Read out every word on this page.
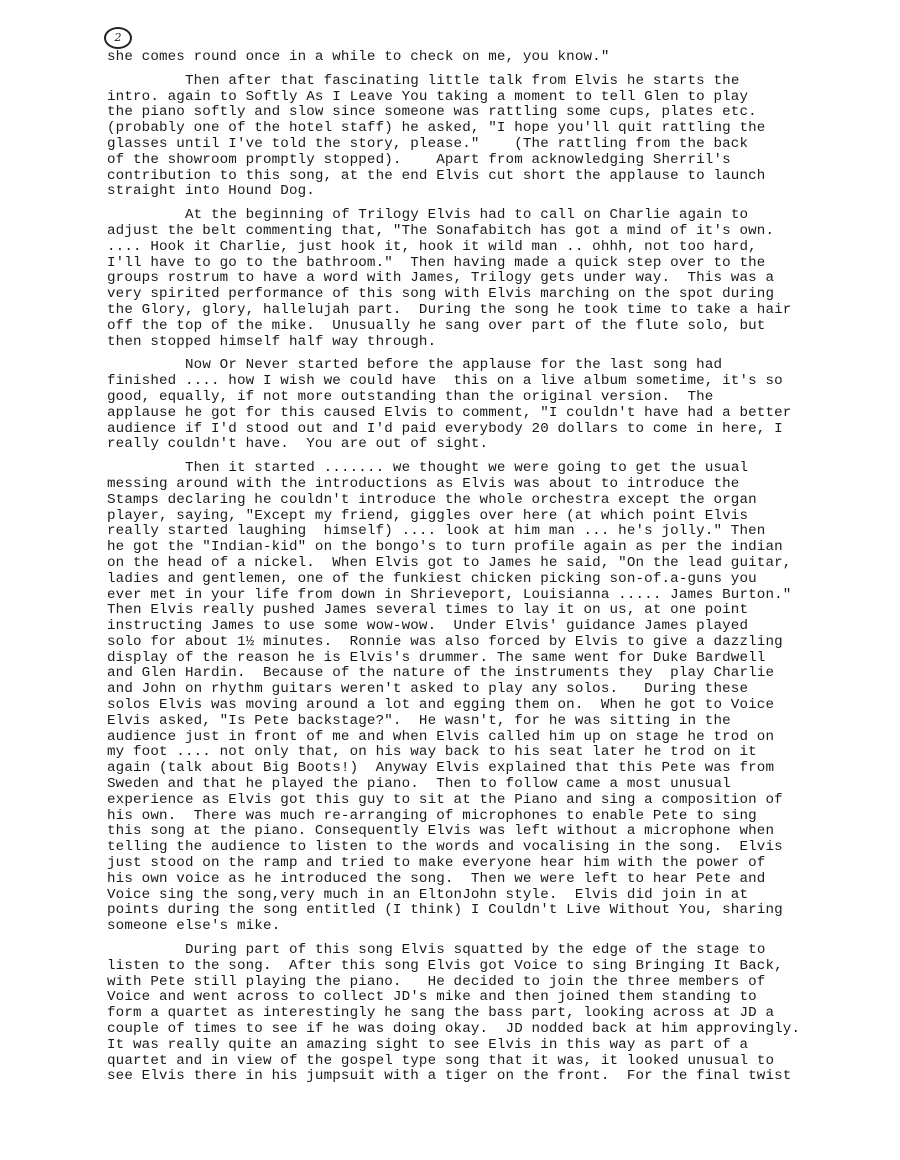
2
she comes round once in a while to check on me, you know."
Then after that fascinating little talk from Elvis he starts the
intro. again to Softly As I Leave You taking a moment to tell Glen to play
the piano softly and slow since someone was rattling some cups, plates etc.
(probably one of the hotel staff) he asked, "I hope you'll quit rattling the
glasses until I've told the story, please."    (The rattling from the back
of the showroom promptly stopped).    Apart from acknowledging Sherril's
contribution to this song, at the end Elvis cut short the applause to launch
straight into Hound Dog.
At the beginning of Trilogy Elvis had to call on Charlie again to
adjust the belt commenting that, "The Sonafabitch has got a mind of it's own.
.... Hook it Charlie, just hook it, hook it wild man .. ohhh, not too hard,
I'll have to go to the bathroom."  Then having made a quick step over to the
groups rostrum to have a word with James, Trilogy gets under way.  This was a
very spirited performance of this song with Elvis marching on the spot during
the Glory, glory, hallelujah part.  During the song he took time to take a hair
off the top of the mike.  Unusually he sang over part of the flute solo, but
then stopped himself half way through.
Now Or Never started before the applause for the last song had
finished .... how I wish we could have  this on a live album sometime, it's so
good, equally, if not more outstanding than the original version.  The
applause he got for this caused Elvis to comment, "I couldn't have had a better
audience if I'd stood out and I'd paid everybody 20 dollars to come in here, I
really couldn't have.  You are out of sight.
Then it started ....... we thought we were going to get the usual
messing around with the introductions as Elvis was about to introduce the
Stamps declaring he couldn't introduce the whole orchestra except the organ
player, saying, "Except my friend, giggles over here (at which point Elvis
really started laughing  himself) .... look at him man ... he's jolly." Then
he got the "Indian-kid" on the bongo's to turn profile again as per the indian
on the head of a nickel.  When Elvis got to James he said, "On the lead guitar,
ladies and gentlemen, one of the funkiest chicken picking son-of.a-guns you
ever met in your life from down in Shrieveport, Louisianna ..... James Burton."
Then Elvis really pushed James several times to lay it on us, at one point
instructing James to use some wow-wow.  Under Elvis' guidance James played
solo for about 1½ minutes.  Ronnie was also forced by Elvis to give a dazzling
display of the reason he is Elvis's drummer. The same went for Duke Bardwell
and Glen Hardin.  Because of the nature of the instruments they  play Charlie
and John on rhythm guitars weren't asked to play any solos.   During these
solos Elvis was moving around a lot and egging them on.  When he got to Voice
Elvis asked, "Is Pete backstage?".  He wasn't, for he was sitting in the
audience just in front of me and when Elvis called him up on stage he trod on
my foot .... not only that, on his way back to his seat later he trod on it
again (talk about Big Boots!)  Anyway Elvis explained that this Pete was from
Sweden and that he played the piano.  Then to follow came a most unusual
experience as Elvis got this guy to sit at the Piano and sing a composition of
his own.  There was much re-arranging of microphones to enable Pete to sing
this song at the piano. Consequently Elvis was left without a microphone when
telling the audience to listen to the words and vocalising in the song.  Elvis
just stood on the ramp and tried to make everyone hear him with the power of
his own voice as he introduced the song.  Then we were left to hear Pete and
Voice sing the song,very much in an EltonJohn style.  Elvis did join in at
points during the song entitled (I think) I Couldn't Live Without You, sharing
someone else's mike.
During part of this song Elvis squatted by the edge of the stage to
listen to the song.  After this song Elvis got Voice to sing Bringing It Back,
with Pete still playing the piano.   He decided to join the three members of
Voice and went across to collect JD's mike and then joined them standing to
form a quartet as interestingly he sang the bass part, looking across at JD a
couple of times to see if he was doing okay.  JD nodded back at him approvingly.
It was really quite an amazing sight to see Elvis in this way as part of a
quartet and in view of the gospel type song that it was, it looked unusual to
see Elvis there in his jumpsuit with a tiger on the front.  For the final twist
